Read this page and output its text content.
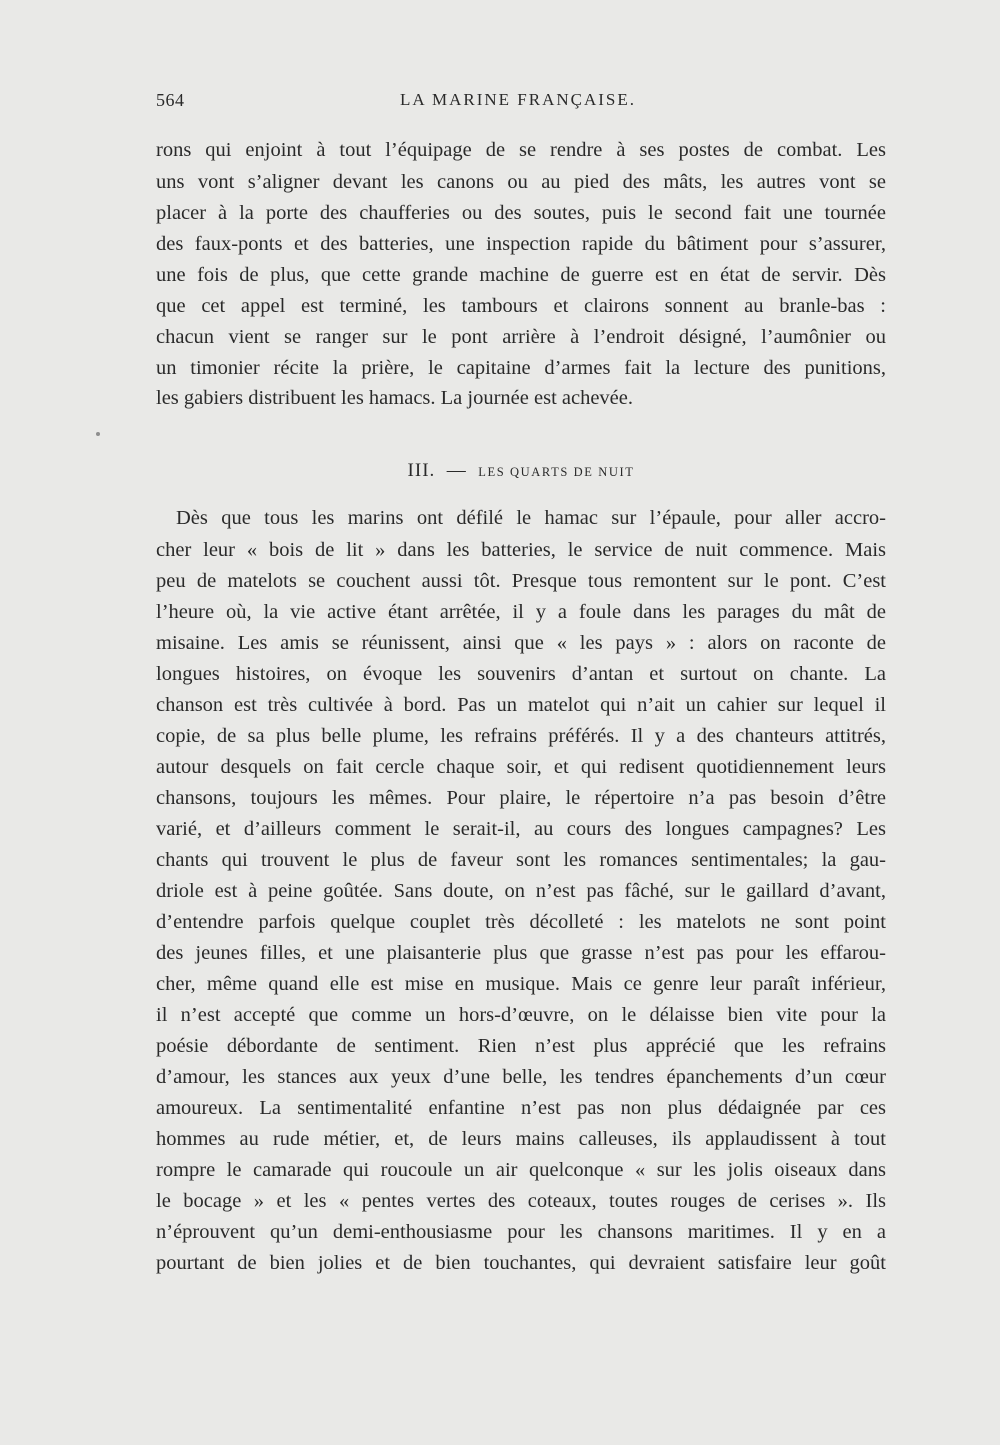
564	LA MARINE FRANÇAISE.
rons qui enjoint à tout l’équipage de se rendre à ses postes de combat. Les
uns vont s’aligner devant les canons ou au pied des mâts, les autres vont se
placer à la porte des chaufferies ou des soutes, puis le second fait une tournée
des faux-ponts et des batteries, une inspection rapide du bâtiment pour s’assurer,
une fois de plus, que cette grande machine de guerre est en état de servir. Dès
que cet appel est terminé, les tambours et clairons sonnent au branle-bas :
chacun vient se ranger sur le pont arrière à l’endroit désigné, l’aumônier ou
un timonier récite la prière, le capitaine d’armes fait la lecture des punitions,
les gabiers distribuent les hamacs. La journée est achevée.
III. — LES QUARTS DE NUIT
Dès que tous les marins ont défilé le hamac sur l’épaule, pour aller accro-
cher leur « bois de lit » dans les batteries, le service de nuit commence. Mais
peu de matelots se couchent aussi tôt. Presque tous remontent sur le pont. C’est
l’heure où, la vie active étant arrêtée, il y a foule dans les parages du mât de
misaine. Les amis se réunissent, ainsi que « les pays » : alors on raconte de
longues histoires, on évoque les souvenirs d’antan et surtout on chante. La
chanson est très cultivée à bord. Pas un matelot qui n’ait un cahier sur lequel il
copie, de sa plus belle plume, les refrains préférés. Il y a des chanteurs attitrés,
autour desquels on fait cercle chaque soir, et qui redisent quotidiennement leurs
chansons, toujours les mêmes. Pour plaire, le répertoire n’a pas besoin d’être
varié, et d’ailleurs comment le serait-il, au cours des longues campagnes? Les
chants qui trouvent le plus de faveur sont les romances sentimentales; la gau-
driole est à peine goûtée. Sans doute, on n’est pas fâché, sur le gaillard d’avant,
d’entendre parfois quelque couplet très décolleté : les matelots ne sont point
des jeunes filles, et une plaisanterie plus que grasse n’est pas pour les effarou-
cher, même quand elle est mise en musique. Mais ce genre leur paraît inférieur,
il n’est accepté que comme un hors-d’œuvre, on le délaisse bien vite pour la
poésie débordante de sentiment. Rien n’est plus apprécié que les refrains
d’amour, les stances aux yeux d’une belle, les tendres épanchements d’un cœur
amoureux. La sentimentalité enfantine n’est pas non plus dédaignée par ces
hommes au rude métier, et, de leurs mains calleuses, ils applaudissent à tout
rompre le camarade qui roucoule un air quelconque « sur les jolis oiseaux dans
le bocage » et les « pentes vertes des coteaux, toutes rouges de cerises ». Ils
n’éprouvent qu’un demi-enthousiasme pour les chansons maritimes. Il y en a
pourtant de bien jolies et de bien touchantes, qui devraient satisfaire leur goût
